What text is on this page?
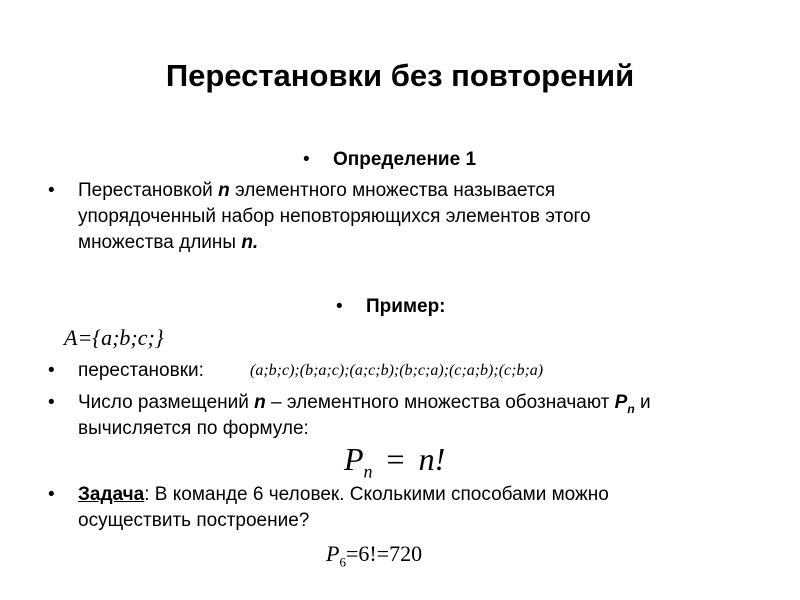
Перестановки без повторений
• Определение 1
• Перестановкой n элементного множества называется
упорядоченный набор неповторяющихся элементов этого
множества длины n.
• Пример:
A={a;b;c;}
• перестановки:	(a;b;c);(b;a;c);(a;c;b);(b;c;a);(c;a;b);(c;b;a)
• Число размещений n – элементного множества обозначают $P_n$ и
вычисляется по формуле:
$P_n = n$!
• Задача: В команде 6 человек. Сколькими способами можно
осуществить построение?
$P_6=6!=720$
